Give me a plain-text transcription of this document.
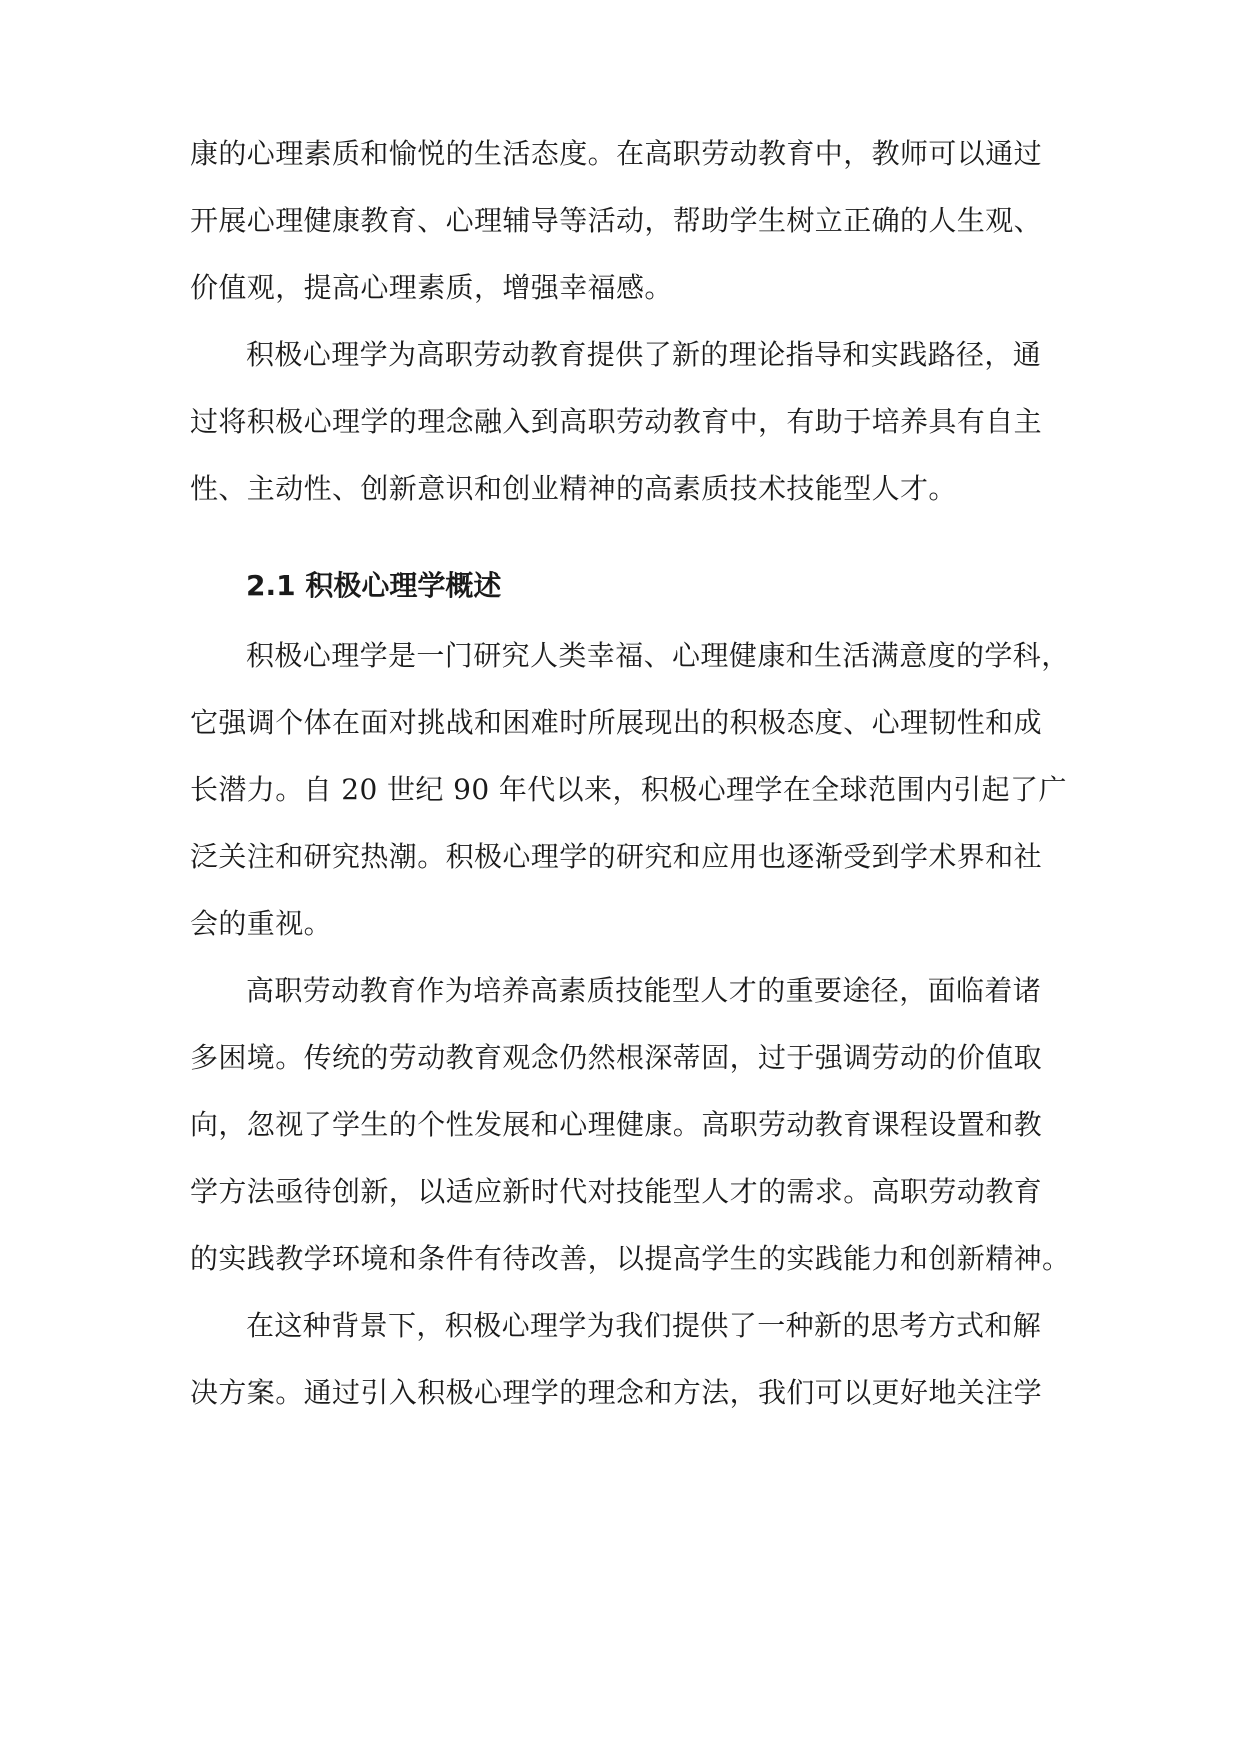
康的心理素质和愉悦的生活态度。在高职劳动教育中，教师可以通过
开展心理健康教育、心理辅导等活动，帮助学生树立正确的人生观、
价值观，提高心理素质，增强幸福感。
积极心理学为高职劳动教育提供了新的理论指导和实践路径，通
过将积极心理学的理念融入到高职劳动教育中，有助于培养具有自主
性、主动性、创新意识和创业精神的高素质技术技能型人才。
2.1 积极心理学概述
积极心理学是一门研究人类幸福、心理健康和生活满意度的学科，
它强调个体在面对挑战和困难时所展现出的积极态度、心理韧性和成
长潜力。自 20 世纪 90 年代以来，积极心理学在全球范围内引起了广
泛关注和研究热潮。积极心理学的研究和应用也逐渐受到学术界和社
会的重视。
高职劳动教育作为培养高素质技能型人才的重要途径，面临着诸
多困境。传统的劳动教育观念仍然根深蒂固，过于强调劳动的价值取
向，忽视了学生的个性发展和心理健康。高职劳动教育课程设置和教
学方法亟待创新，以适应新时代对技能型人才的需求。高职劳动教育
的实践教学环境和条件有待改善，以提高学生的实践能力和创新精神。
在这种背景下，积极心理学为我们提供了一种新的思考方式和解
决方案。通过引入积极心理学的理念和方法，我们可以更好地关注学
